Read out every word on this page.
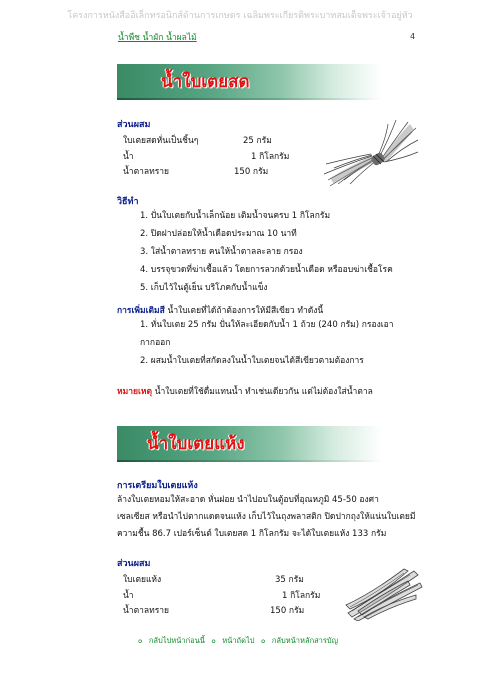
โครงการหนังสืออิเล็กทรอนิกส์ด้านการเกษตร เฉลิมพระเกียรติพระบาทสมเด็จพระเจ้าอยู่หัว
น้ำพืช น้ำผัก น้ำผลไม้	4
น้ำใบเตยสด
ส่วนผสม
ใบเตยสดหั่นเป็นชิ้นๆ	25 กรัม
น้ำ	1 กิโลกรัม
น้ำตาลทราย	150 กรัม
วิธีทำ
1. ปั่นใบเตยกับน้ำเล็กน้อย เติมน้ำจนครบ 1 กิโลกรัม
2. ปิดฝาปล่อยให้น้ำเดือดประมาณ 10 นาที
3. ใส่น้ำตาลทราย คนให้น้ำตาลละลาย กรอง
4. บรรจุขวดที่ฆ่าเชื้อแล้ว โดยการลวกด้วยน้ำเดือด หรืออบฆ่าเชื้อโรค
5. เก็บไว้ในตู้เย็น บริโภคกับน้ำแข็ง
การเพิ่มเติมสี น้ำใบเตยที่ได้ถ้าต้องการให้มีสีเขียว ทำดังนี้
1. หั่นใบเตย 25 กรัม ปั่นให้ละเอียดกับน้ำ 1 ถ้วย (240 กรัม) กรองเอา
กากออก
2. ผสมน้ำใบเตยที่สกัดลงในน้ำใบเตยจนได้สีเขียวตามต้องการ
หมายเหตุ น้ำใบเตยที่ใช้ดื่มแทนน้ำ ทำเช่นเดียวกัน แต่ไม่ต้องใส่น้ำตาล
น้ำใบเตยแห้ง
การเตรียมใบเตยแห้ง
ล้างใบเตยหอมให้สะอาด หั่นฝอย นำไปอบในตู้อบที่อุณหภูมิ 45-50 องศา
เซลเซียส หรือนำไปตากแดดจนแห้ง เก็บไว้ในถุงพลาสติก ปิดปากถุงให้แน่นใบเตยมี
ความชื้น 86.7 เปอร์เซ็นต์ ใบเตยสด 1 กิโลกรัม จะได้ใบเตยแห้ง 133 กรัม
ส่วนผสม
ใบเตยแห้ง	35 กรัม
น้ำ	1 กิโลกรัม
น้ำตาลทราย	150 กรัม
๐ กลับไปหน้าก่อนนี้ ๐ หน้าถัดไป ๐ กลับหน้าหลักสารบัญ
